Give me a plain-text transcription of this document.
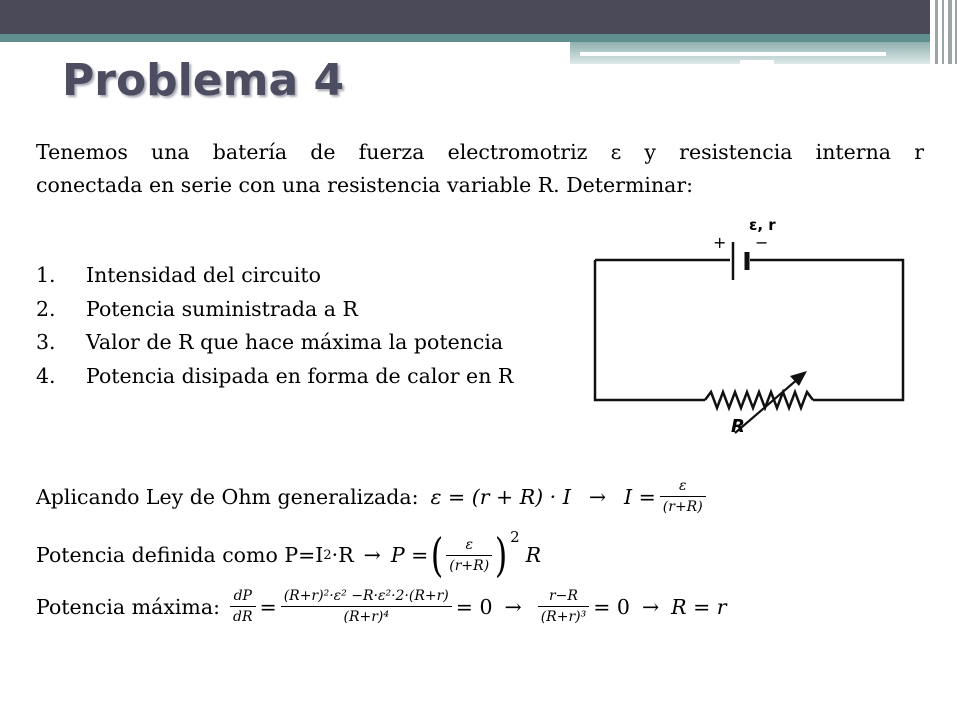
Problema 4

Tenemos una batería de fuerza electromotriz ε y resistencia interna r

conectada en serie con una resistencia variable R. Determinar:

1. Intensidad del circuito
2. Potencia suministrada a R
3. Valor de R que hace máxima la potencia
4. Potencia disipada en forma de calor en R
ε, r
+ −
R
Aplicando Ley de Ohm generalizada: $\varepsilon = (r + R) \cdot I \to I = \frac{\varepsilon}{(r+R)}$
Potencia definida como P=I 2 ·R → P = ( $\frac{\varepsilon}{(r+R)}$ ) 2
R
Potencia máxima: $\frac{dP}{dR} = \frac{\text{(R+r)²·ε² −R·ε²·2·(R+r)}}{\text{(R+r)⁴}} = 0 \to \frac{r-R}{\text{(R+r)³}} = 0 \to R = r$
